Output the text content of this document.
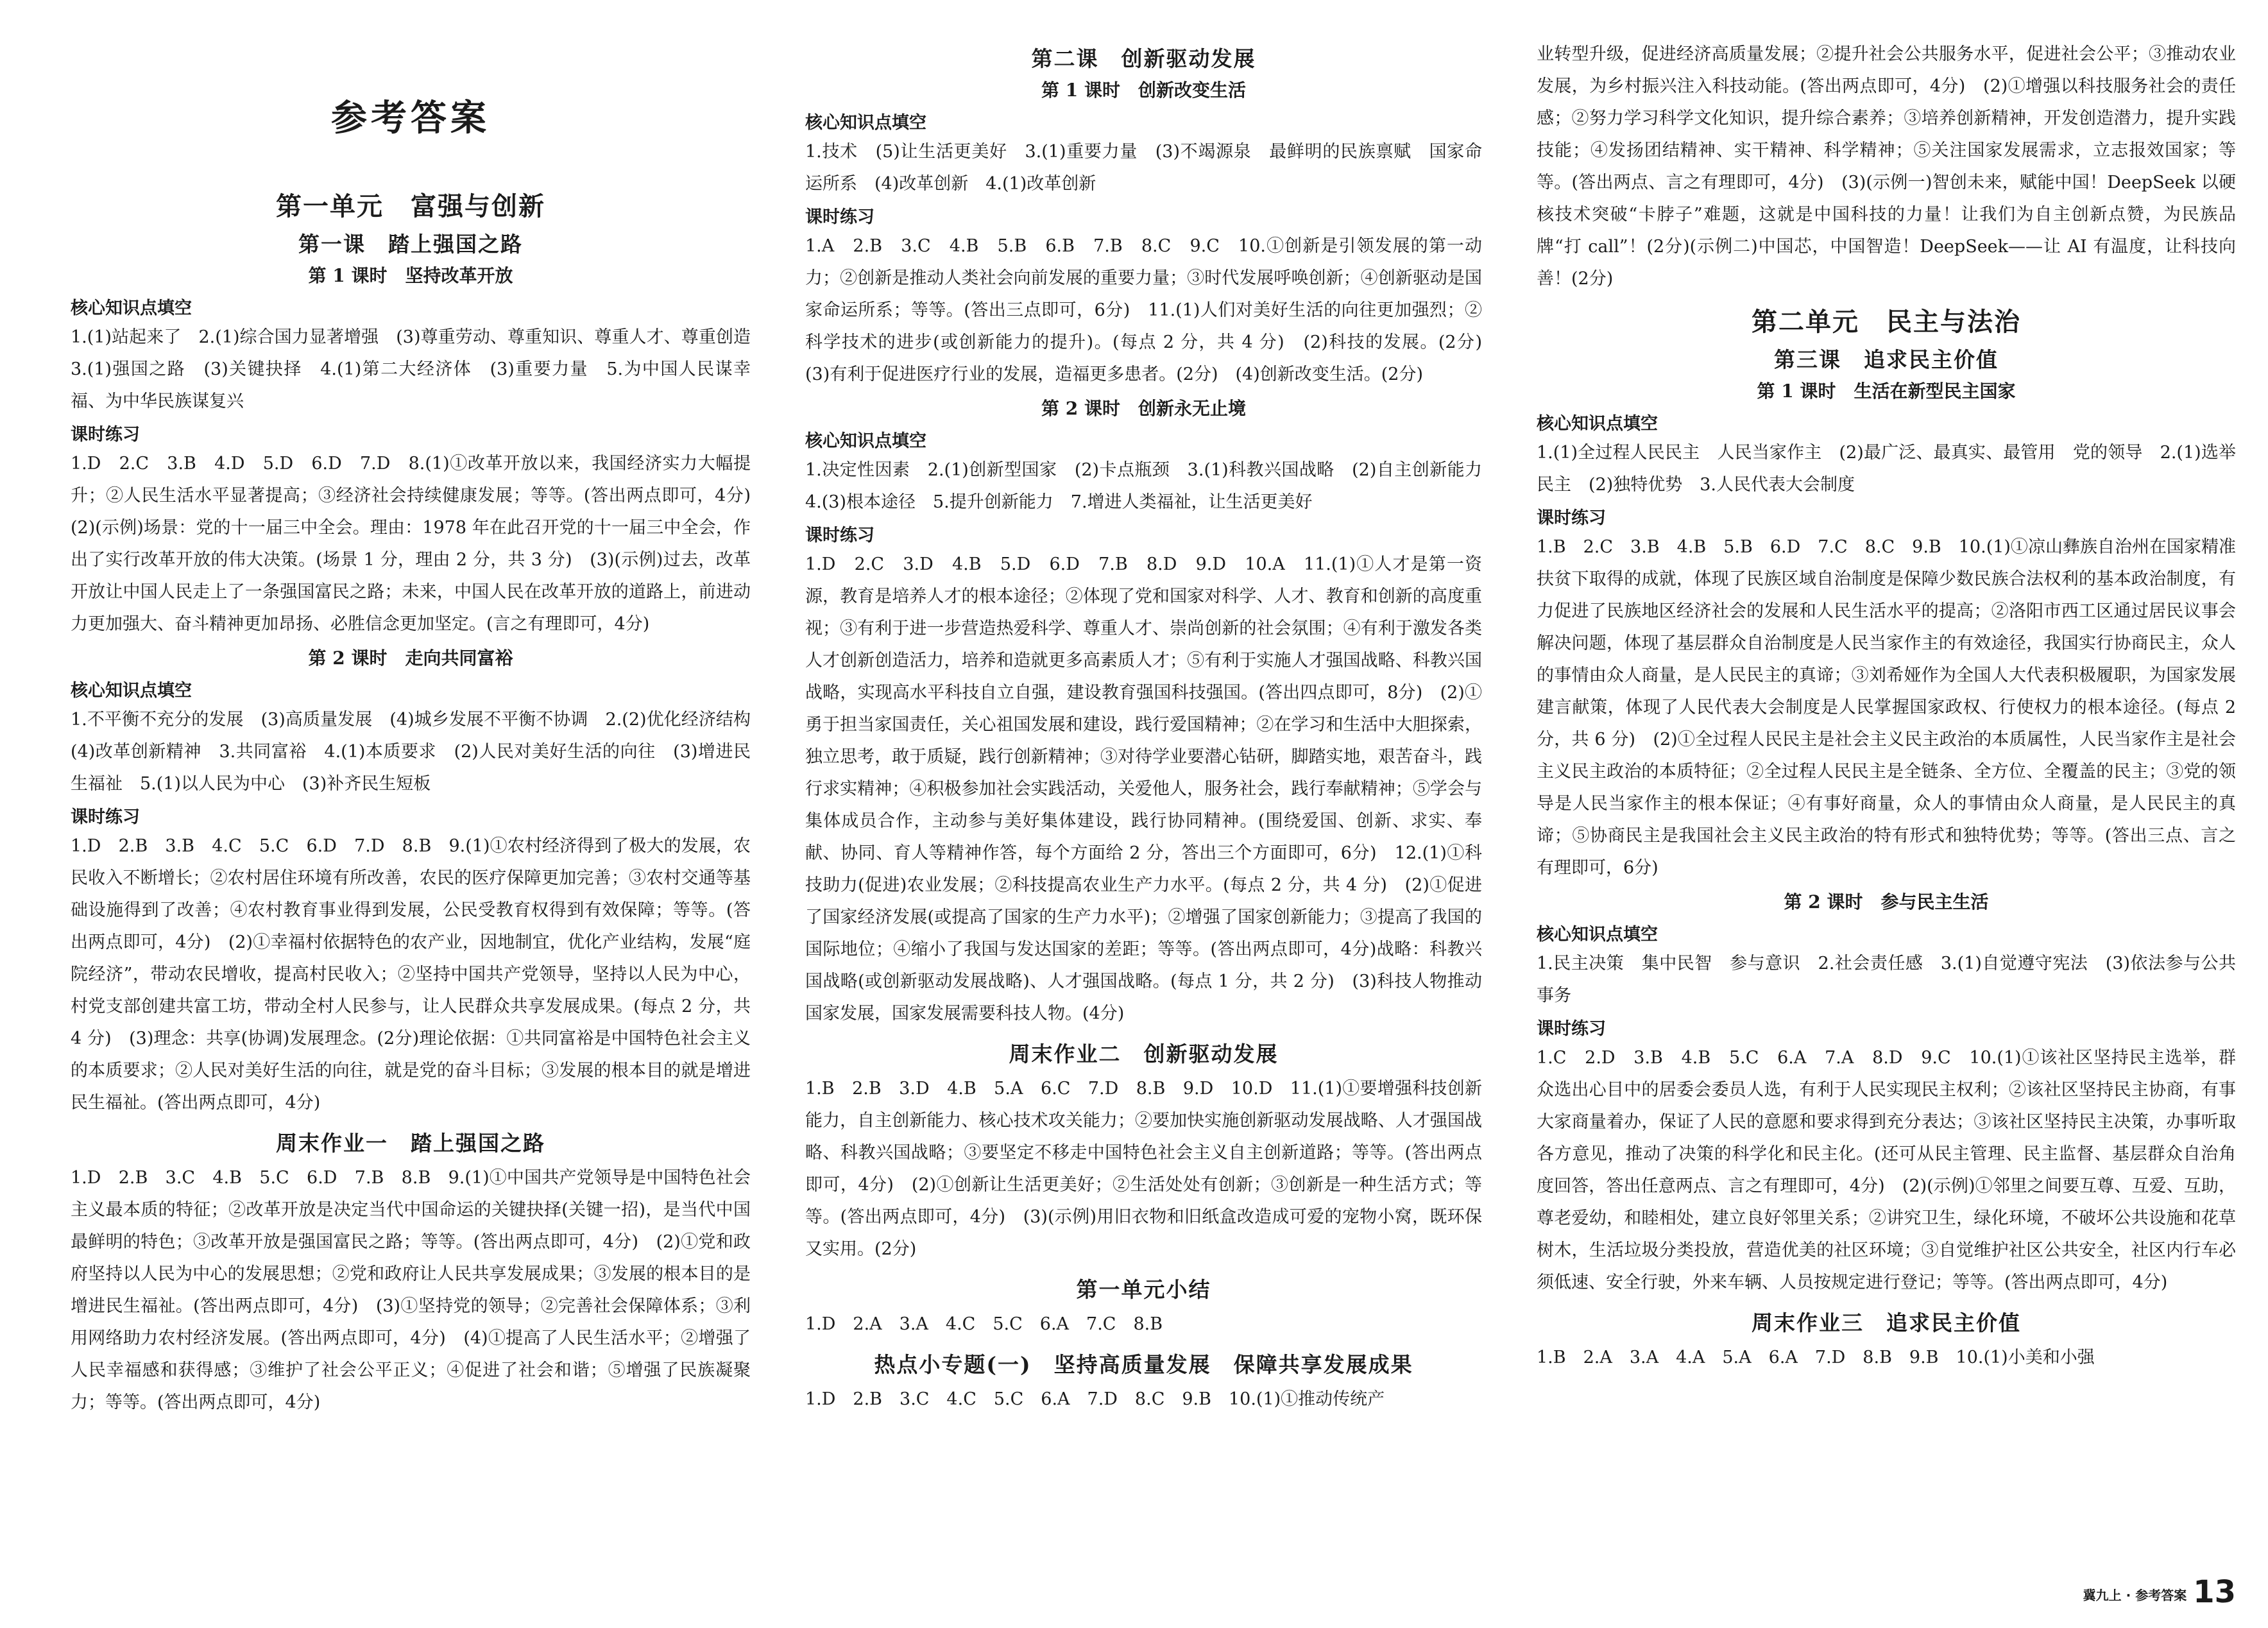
参考答案
第一单元　富强与创新
第一课　踏上强国之路
第 1 课时　坚持改革开放
核心知识点填空
1.(1)站起来了　2.(1)综合国力显著增强　(3)尊重劳动、尊重知识、尊重人才、尊重创造　3.(1)强国之路　(3)关键抉择　4.(1)第二大经济体　(3)重要力量　5.为中国人民谋幸福、为中华民族谋复兴
课时练习
1.D　2.C　3.B　4.D　5.D　6.D　7.D　8.(1)①改革开放以来，我国经济实力大幅提升；②人民生活水平显著提高；③经济社会持续健康发展；等等。(答出两点即可，4分)　(2)(示例)场景：党的十一届三中全会。理由：1978 年在此召开党的十一届三中全会，作出了实行改革开放的伟大决策。(场景 1 分，理由 2 分，共 3 分)　(3)(示例)过去，改革开放让中国人民走上了一条强国富民之路；未来，中国人民在改革开放的道路上，前进动力更加强大、奋斗精神更加昂扬、必胜信念更加坚定。(言之有理即可，4分)
第 2 课时　走向共同富裕
核心知识点填空
1.不平衡不充分的发展　(3)高质量发展　(4)城乡发展不平衡不协调　2.(2)优化经济结构　(4)改革创新精神　3.共同富裕　4.(1)本质要求　(2)人民对美好生活的向往　(3)增进民生福祉　5.(1)以人民为中心　(3)补齐民生短板
课时练习
1.D　2.B　3.B　4.C　5.C　6.D　7.D　8.B　9.(1)①农村经济得到了极大的发展，农民收入不断增长；②农村居住环境有所改善，农民的医疗保障更加完善；③农村交通等基础设施得到了改善；④农村教育事业得到发展，公民受教育权得到有效保障；等等。(答出两点即可，4分)　(2)①幸福村依据特色的农产业，因地制宜，优化产业结构，发展“庭院经济”，带动农民增收，提高村民收入；②坚持中国共产党领导，坚持以人民为中心，村党支部创建共富工坊，带动全村人民参与，让人民群众共享发展成果。(每点 2 分，共 4 分)　(3)理念：共享(协调)发展理念。(2分)理论依据：①共同富裕是中国特色社会主义的本质要求；②人民对美好生活的向往，就是党的奋斗目标；③发展的根本目的就是增进民生福祉。(答出两点即可，4分)
周末作业一　踏上强国之路
1.D　2.B　3.C　4.B　5.C　6.D　7.B　8.B　9.(1)①中国共产党领导是中国特色社会主义最本质的特征；②改革开放是决定当代中国命运的关键抉择(关键一招)，是当代中国最鲜明的特色；③改革开放是强国富民之路；等等。(答出两点即可，4分)　(2)①党和政府坚持以人民为中心的发展思想；②党和政府让人民共享发展成果；③发展的根本目的是增进民生福祉。(答出两点即可，4分)　(3)①坚持党的领导；②完善社会保障体系；③利用网络助力农村经济发展。(答出两点即可，4分)　(4)①提高了人民生活水平；②增强了人民幸福感和获得感；③维护了社会公平正义；④促进了社会和谐；⑤增强了民族凝聚力；等等。(答出两点即可，4分)
第二课　创新驱动发展
第 1 课时　创新改变生活
核心知识点填空
1.技术　(5)让生活更美好　3.(1)重要力量　(3)不竭源泉　最鲜明的民族禀赋　国家命运所系　(4)改革创新　4.(1)改革创新
课时练习
1.A　2.B　3.C　4.B　5.B　6.B　7.B　8.C　9.C　10.①创新是引领发展的第一动力；②创新是推动人类社会向前发展的重要力量；③时代发展呼唤创新；④创新驱动是国家命运所系；等等。(答出三点即可，6分)　11.(1)人们对美好生活的向往更加强烈；②科学技术的进步(或创新能力的提升)。(每点 2 分，共 4 分)　(2)科技的发展。(2分)　(3)有利于促进医疗行业的发展，造福更多患者。(2分)　(4)创新改变生活。(2分)
第 2 课时　创新永无止境
核心知识点填空
1.决定性因素　2.(1)创新型国家　(2)卡点瓶颈　3.(1)科教兴国战略　(2)自主创新能力　4.(3)根本途径　5.提升创新能力　7.增进人类福祉，让生活更美好
课时练习
1.D　2.C　3.D　4.B　5.D　6.D　7.B　8.D　9.D　10.A　11.(1)①人才是第一资源，教育是培养人才的根本途径；②体现了党和国家对科学、人才、教育和创新的高度重视；③有利于进一步营造热爱科学、尊重人才、崇尚创新的社会氛围；④有利于激发各类人才创新创造活力，培养和造就更多高素质人才；⑤有利于实施人才强国战略、科教兴国战略，实现高水平科技自立自强，建设教育强国科技强国。(答出四点即可，8分)　(2)①勇于担当家国责任，关心祖国发展和建设，践行爱国精神；②在学习和生活中大胆探索，独立思考，敢于质疑，践行创新精神；③对待学业要潜心钻研，脚踏实地，艰苦奋斗，践行求实精神；④积极参加社会实践活动，关爱他人，服务社会，践行奉献精神；⑤学会与集体成员合作，主动参与美好集体建设，践行协同精神。(围绕爱国、创新、求实、奉献、协同、育人等精神作答，每个方面给 2 分，答出三个方面即可，6分)　12.(1)①科技助力(促进)农业发展；②科技提高农业生产力水平。(每点 2 分，共 4 分)　(2)①促进了国家经济发展(或提高了国家的生产力水平)；②增强了国家创新能力；③提高了我国的国际地位；④缩小了我国与发达国家的差距；等等。(答出两点即可，4分)战略：科教兴国战略(或创新驱动发展战略)、人才强国战略。(每点 1 分，共 2 分)　(3)科技人物推动国家发展，国家发展需要科技人物。(4分)
周末作业二　创新驱动发展
1.B　2.B　3.D　4.B　5.A　6.C　7.D　8.B　9.D　10.D　11.(1)①要增强科技创新能力，自主创新能力、核心技术攻关能力；②要加快实施创新驱动发展战略、人才强国战略、科教兴国战略；③要坚定不移走中国特色社会主义自主创新道路；等等。(答出两点即可，4分)　(2)①创新让生活更美好；②生活处处有创新；③创新是一种生活方式；等等。(答出两点即可，4分)　(3)(示例)用旧衣物和旧纸盒改造成可爱的宠物小窝，既环保又实用。(2分)
第一单元小结
1.D　2.A　3.A　4.C　5.C　6.A　7.C　8.B
热点小专题(一)　坚持高质量发展　保障共享发展成果
1.D　2.B　3.C　4.C　5.C　6.A　7.D　8.C　9.B　10.(1)①推动传统产
业转型升级，促进经济高质量发展；②提升社会公共服务水平，促进社会公平；③推动农业发展，为乡村振兴注入科技动能。(答出两点即可，4分)　(2)①增强以科技服务社会的责任感；②努力学习科学文化知识，提升综合素养；③培养创新精神，开发创造潜力，提升实践技能；④发扬团结精神、实干精神、科学精神；⑤关注国家发展需求，立志报效国家；等等。(答出两点、言之有理即可，4分)　(3)(示例一)智创未来，赋能中国！DeepSeek 以硬核技术突破“卡脖子”难题，这就是中国科技的力量！让我们为自主创新点赞，为民族品牌“打 call”！(2分)(示例二)中国芯，中国智造！DeepSeek——让 AI 有温度，让科技向善！(2分)
第二单元　民主与法治
第三课　追求民主价值
第 1 课时　生活在新型民主国家
核心知识点填空
1.(1)全过程人民民主　人民当家作主　(2)最广泛、最真实、最管用　党的领导　2.(1)选举民主　(2)独特优势　3.人民代表大会制度
课时练习
1.B　2.C　3.B　4.B　5.B　6.D　7.C　8.C　9.B　10.(1)①凉山彝族自治州在国家精准扶贫下取得的成就，体现了民族区域自治制度是保障少数民族合法权利的基本政治制度，有力促进了民族地区经济社会的发展和人民生活水平的提高；②洛阳市西工区通过居民议事会解决问题，体现了基层群众自治制度是人民当家作主的有效途径，我国实行协商民主，众人的事情由众人商量，是人民民主的真谛；③刘希娅作为全国人大代表积极履职，为国家发展建言献策，体现了人民代表大会制度是人民掌握国家政权、行使权力的根本途径。(每点 2 分，共 6 分)　(2)①全过程人民民主是社会主义民主政治的本质属性，人民当家作主是社会主义民主政治的本质特征；②全过程人民民主是全链条、全方位、全覆盖的民主；③党的领导是人民当家作主的根本保证；④有事好商量，众人的事情由众人商量，是人民民主的真谛；⑤协商民主是我国社会主义民主政治的特有形式和独特优势；等等。(答出三点、言之有理即可，6分)
第 2 课时　参与民主生活
核心知识点填空
1.民主决策　集中民智　参与意识　2.社会责任感　3.(1)自觉遵守宪法　(3)依法参与公共事务
课时练习
1.C　2.D　3.B　4.B　5.C　6.A　7.A　8.D　9.C　10.(1)①该社区坚持民主选举，群众选出心目中的居委会委员人选，有利于人民实现民主权利；②该社区坚持民主协商，有事大家商量着办，保证了人民的意愿和要求得到充分表达；③该社区坚持民主决策，办事听取各方意见，推动了决策的科学化和民主化。(还可从民主管理、民主监督、基层群众自治角度回答，答出任意两点、言之有理即可，4分)　(2)(示例)①邻里之间要互尊、互爱、互助，尊老爱幼，和睦相处，建立良好邻里关系；②讲究卫生，绿化环境，不破坏公共设施和花草树木，生活垃圾分类投放，营造优美的社区环境；③自觉维护社区公共安全，社区内行车必须低速、安全行驶，外来车辆、人员按规定进行登记；等等。(答出两点即可，4分)
周末作业三　追求民主价值
1.B　2.A　3.A　4.A　5.A　6.A　7.D　8.B　9.B　10.(1)小美和小强
冀九上 · 参考答案 13
